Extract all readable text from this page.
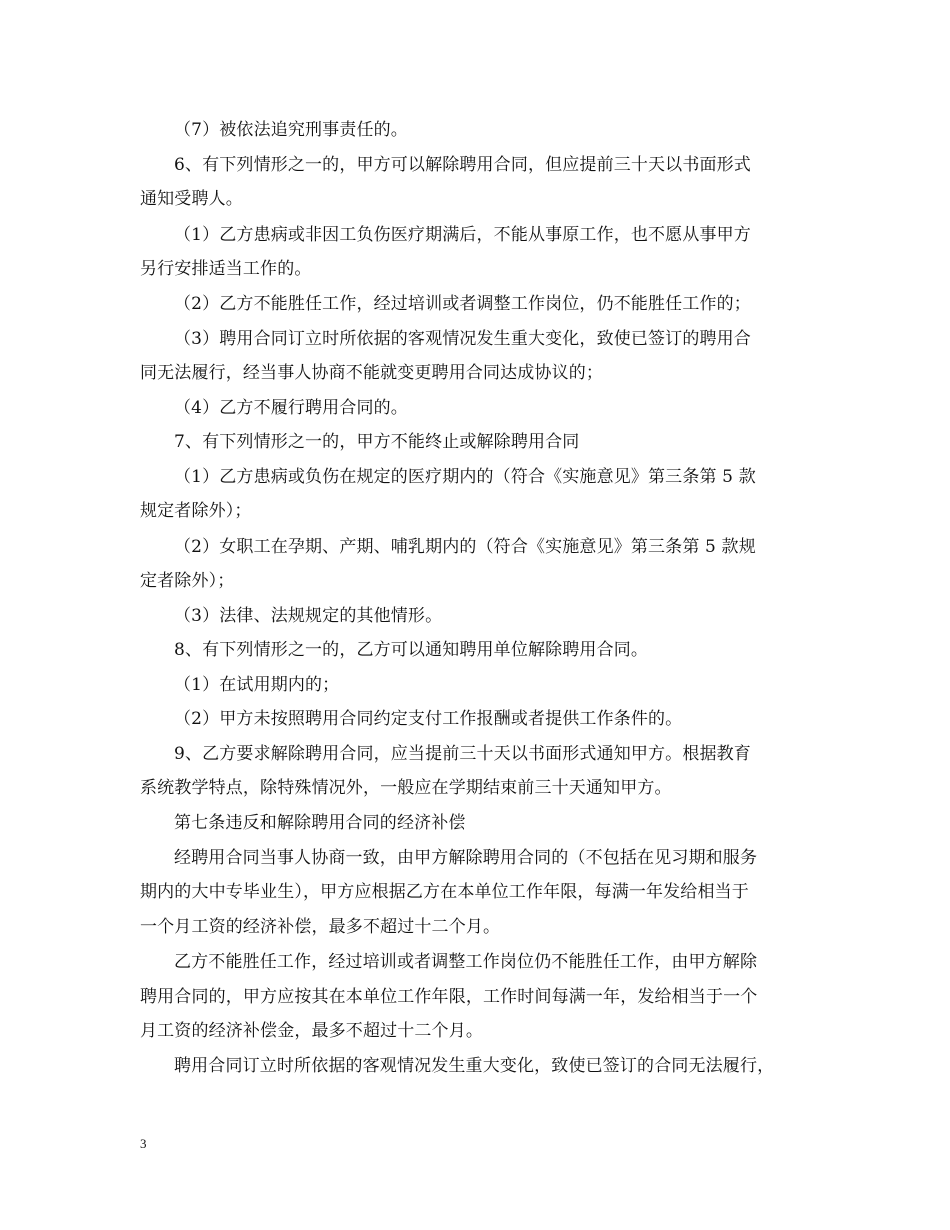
（7）被依法追究刑事责任的。
6、有下列情形之一的，甲方可以解除聘用合同，但应提前三十天以书面形式
通知受聘人。
（1）乙方患病或非因工负伤医疗期满后，不能从事原工作，也不愿从事甲方
另行安排适当工作的。
（2）乙方不能胜任工作，经过培训或者调整工作岗位，仍不能胜任工作的；
（3）聘用合同订立时所依据的客观情况发生重大变化，致使已签订的聘用合
同无法履行，经当事人协商不能就变更聘用合同达成协议的；
（4）乙方不履行聘用合同的。
7、有下列情形之一的，甲方不能终止或解除聘用合同
（1）乙方患病或负伤在规定的医疗期内的（符合《实施意见》第三条第 5 款
规定者除外）；
（2）女职工在孕期、产期、哺乳期内的（符合《实施意见》第三条第 5 款规
定者除外）；
（3）法律、法规规定的其他情形。
8、有下列情形之一的，乙方可以通知聘用单位解除聘用合同。
（1）在试用期内的；
（2）甲方未按照聘用合同约定支付工作报酬或者提供工作条件的。
9、乙方要求解除聘用合同，应当提前三十天以书面形式通知甲方。根据教育
系统教学特点，除特殊情况外，一般应在学期结束前三十天通知甲方。
第七条违反和解除聘用合同的经济补偿
经聘用合同当事人协商一致，由甲方解除聘用合同的（不包括在见习期和服务
期内的大中专毕业生），甲方应根据乙方在本单位工作年限，每满一年发给相当于
一个月工资的经济补偿，最多不超过十二个月。
乙方不能胜任工作，经过培训或者调整工作岗位仍不能胜任工作，由甲方解除
聘用合同的，甲方应按其在本单位工作年限，工作时间每满一年，发给相当于一个
月工资的经济补偿金，最多不超过十二个月。
聘用合同订立时所依据的客观情况发生重大变化，致使已签订的合同无法履行，
3
